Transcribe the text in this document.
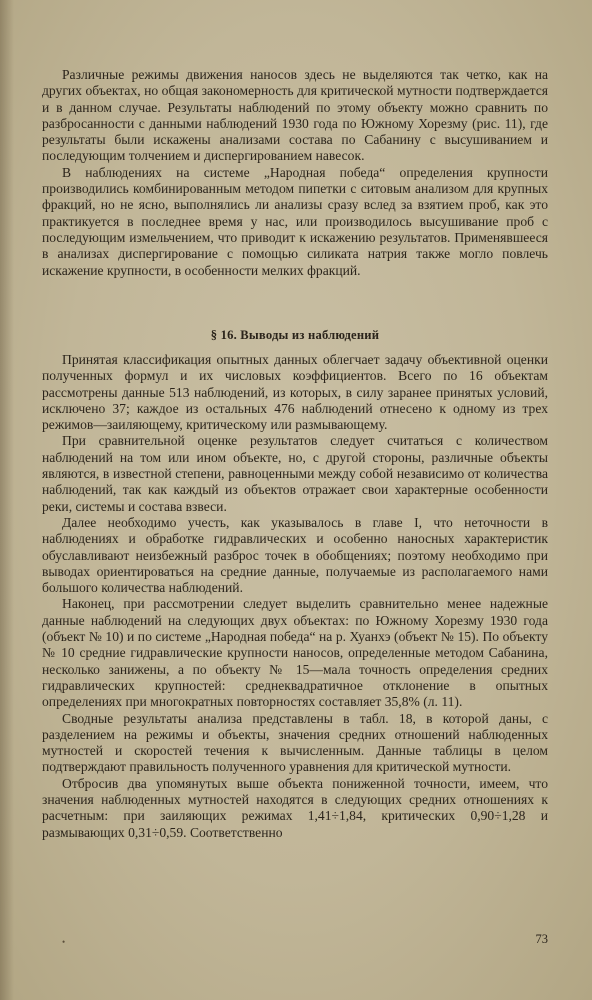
Различные режимы движения наносов здесь не выделяются так четко, как на других объектах, но общая закономерность для критической мутности подтверждается и в данном случае. Результаты наблюдений по этому объекту можно сравнить по разбросанности с данными наблюдений 1930 года по Южному Хорезму (рис. 11), где результаты были искажены анализами состава по Сабанину с высушиванием и последующим толчением и диспергированием навесок.

В наблюдениях на системе „Народная победа“ определения крупности производились комбинированным методом пипетки с ситовым анализом для крупных фракций, но не ясно, выполнялись ли анализы сразу вслед за взятием проб, как это практикуется в последнее время у нас, или производилось высушивание проб с последующим измельчением, что приводит к искажению результатов. Применявшееся в анализах диспергирование с помощью силиката натрия также могло повлечь искажение крупности, в особенности мелких фракций.

§ 16. Выводы из наблюдений

Принятая классификация опытных данных облегчает задачу объективной оценки полученных формул и их числовых коэффициентов. Всего по 16 объектам рассмотрены данные 513 наблюдений, из которых, в силу заранее принятых условий, исключено 37; каждое из остальных 476 наблюдений отнесено к одному из трех режимов—заиляющему, критическому или размывающему.

При сравнительной оценке результатов следует считаться с количеством наблюдений на том или ином объекте, но, с другой стороны, различные объекты являются, в известной степени, равноценными между собой независимо от количества наблюдений, так как каждый из объектов отражает свои характерные особенности реки, системы и состава взвеси.

Далее необходимо учесть, как указывалось в главе I, что неточности в наблюдениях и обработке гидравлических и особенно наносных характеристик обуславливают неизбежный разброс точек в обобщениях; поэтому необходимо при выводах ориентироваться на средние данные, получаемые из располагаемого нами большого количества наблюдений.

Наконец, при рассмотрении следует выделить сравнительно менее надежные данные наблюдений на следующих двух объектах: по Южному Хорезму 1930 года (объект № 10) и по системе „Народная победа“ на р. Хуанхэ (объект № 15). По объекту № 10 средние гидравлические крупности наносов, определенные методом Сабанина, несколько занижены, а по объекту № 15—мала точность определения средних гидравлических крупностей: среднеквадратичное отклонение в опытных определениях при многократных повторностях составляет 35,8% (л. 11).

Сводные результаты анализа представлены в табл. 18, в которой даны, с разделением на режимы и объекты, значения средних отношений наблюденных мутностей и скоростей течения к вычисленным. Данные таблицы в целом подтверждают правильность полученного уравнения для критической мутности.

Отбросив два упомянутых выше объекта пониженной точности, имеем, что значения наблюденных мутностей находятся в следующих средних отношениях к расчетным: при заиляющих режимах 1,41÷1,84, критических 0,90÷1,28 и размывающих 0,31÷0,59. Соответственно

•	73
